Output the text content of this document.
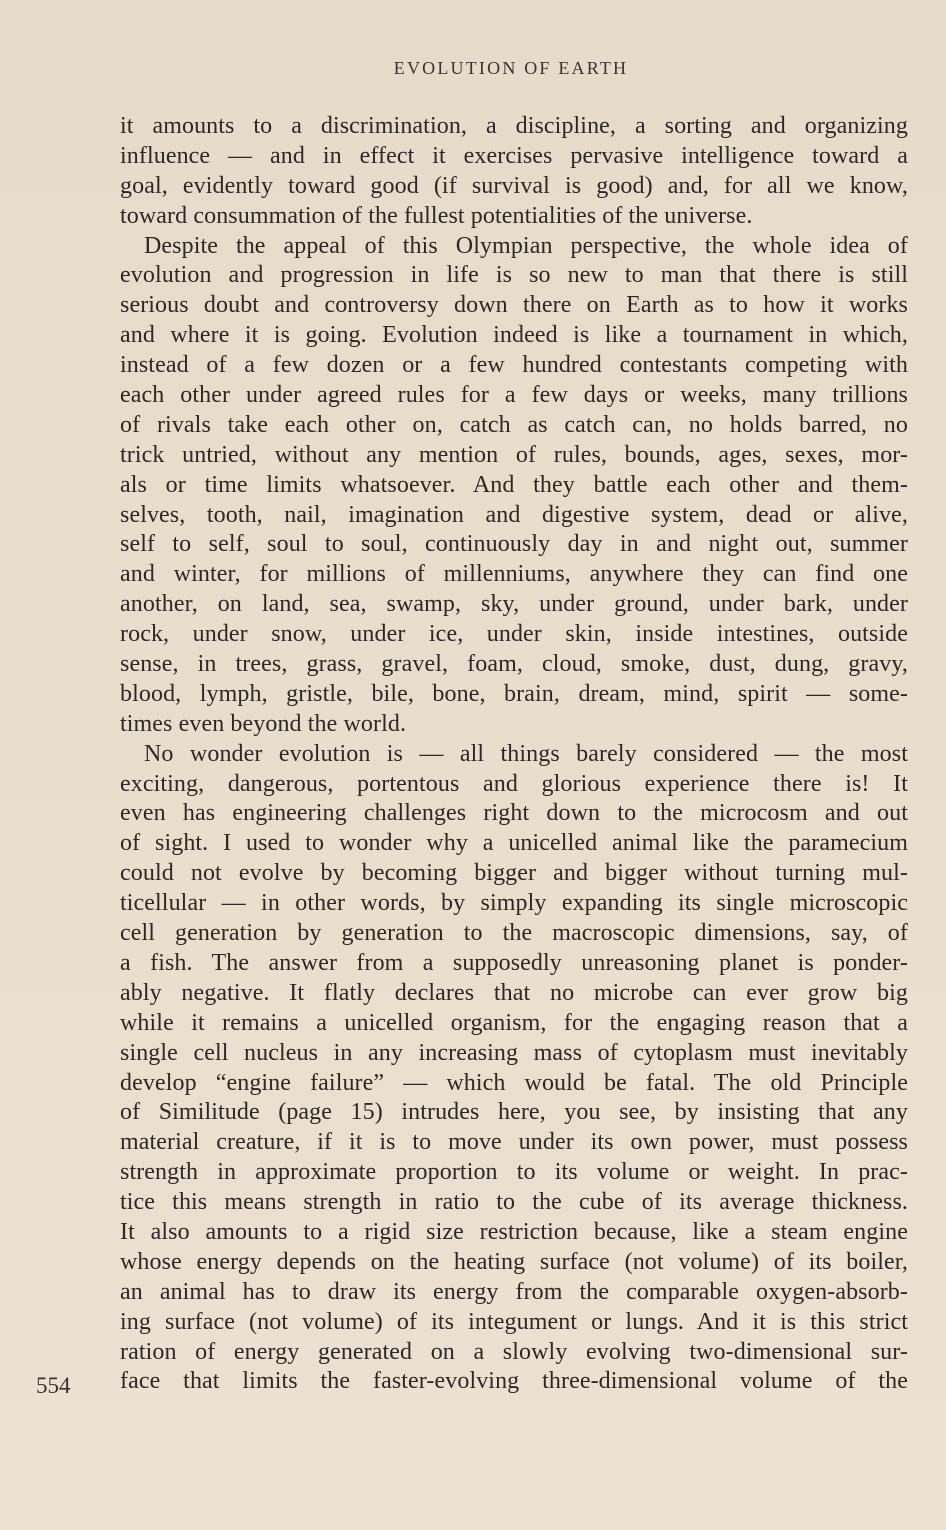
EVOLUTION OF EARTH
it amounts to a discrimination, a discipline, a sorting and organizing
influence — and in effect it exercises pervasive intelligence toward a
goal, evidently toward good (if survival is good) and, for all we know,
toward consummation of the fullest potentialities of the universe.
Despite the appeal of this Olympian perspective, the whole idea of
evolution and progression in life is so new to man that there is still
serious doubt and controversy down there on Earth as to how it works
and where it is going. Evolution indeed is like a tournament in which,
instead of a few dozen or a few hundred contestants competing with
each other under agreed rules for a few days or weeks, many trillions
of rivals take each other on, catch as catch can, no holds barred, no
trick untried, without any mention of rules, bounds, ages, sexes, mor-
als or time limits whatsoever. And they battle each other and them-
selves, tooth, nail, imagination and digestive system, dead or alive,
self to self, soul to soul, continuously day in and night out, summer
and winter, for millions of millenniums, anywhere they can find one
another, on land, sea, swamp, sky, under ground, under bark, under
rock, under snow, under ice, under skin, inside intestines, outside
sense, in trees, grass, gravel, foam, cloud, smoke, dust, dung, gravy,
blood, lymph, gristle, bile, bone, brain, dream, mind, spirit — some-
times even beyond the world.
No wonder evolution is — all things barely considered — the most
exciting, dangerous, portentous and glorious experience there is! It
even has engineering challenges right down to the microcosm and out
of sight. I used to wonder why a unicelled animal like the paramecium
could not evolve by becoming bigger and bigger without turning mul-
ticellular — in other words, by simply expanding its single microscopic
cell generation by generation to the macroscopic dimensions, say, of
a fish. The answer from a supposedly unreasoning planet is ponder-
ably negative. It flatly declares that no microbe can ever grow big
while it remains a unicelled organism, for the engaging reason that a
single cell nucleus in any increasing mass of cytoplasm must inevitably
develop “engine failure” — which would be fatal. The old Principle
of Similitude (page 15) intrudes here, you see, by insisting that any
material creature, if it is to move under its own power, must possess
strength in approximate proportion to its volume or weight. In prac-
tice this means strength in ratio to the cube of its average thickness.
It also amounts to a rigid size restriction because, like a steam engine
whose energy depends on the heating surface (not volume) of its boiler,
an animal has to draw its energy from the comparable oxygen-absorb-
ing surface (not volume) of its integument or lungs. And it is this strict
ration of energy generated on a slowly evolving two-dimensional sur-
face that limits the faster-evolving three-dimensional volume of the
554
